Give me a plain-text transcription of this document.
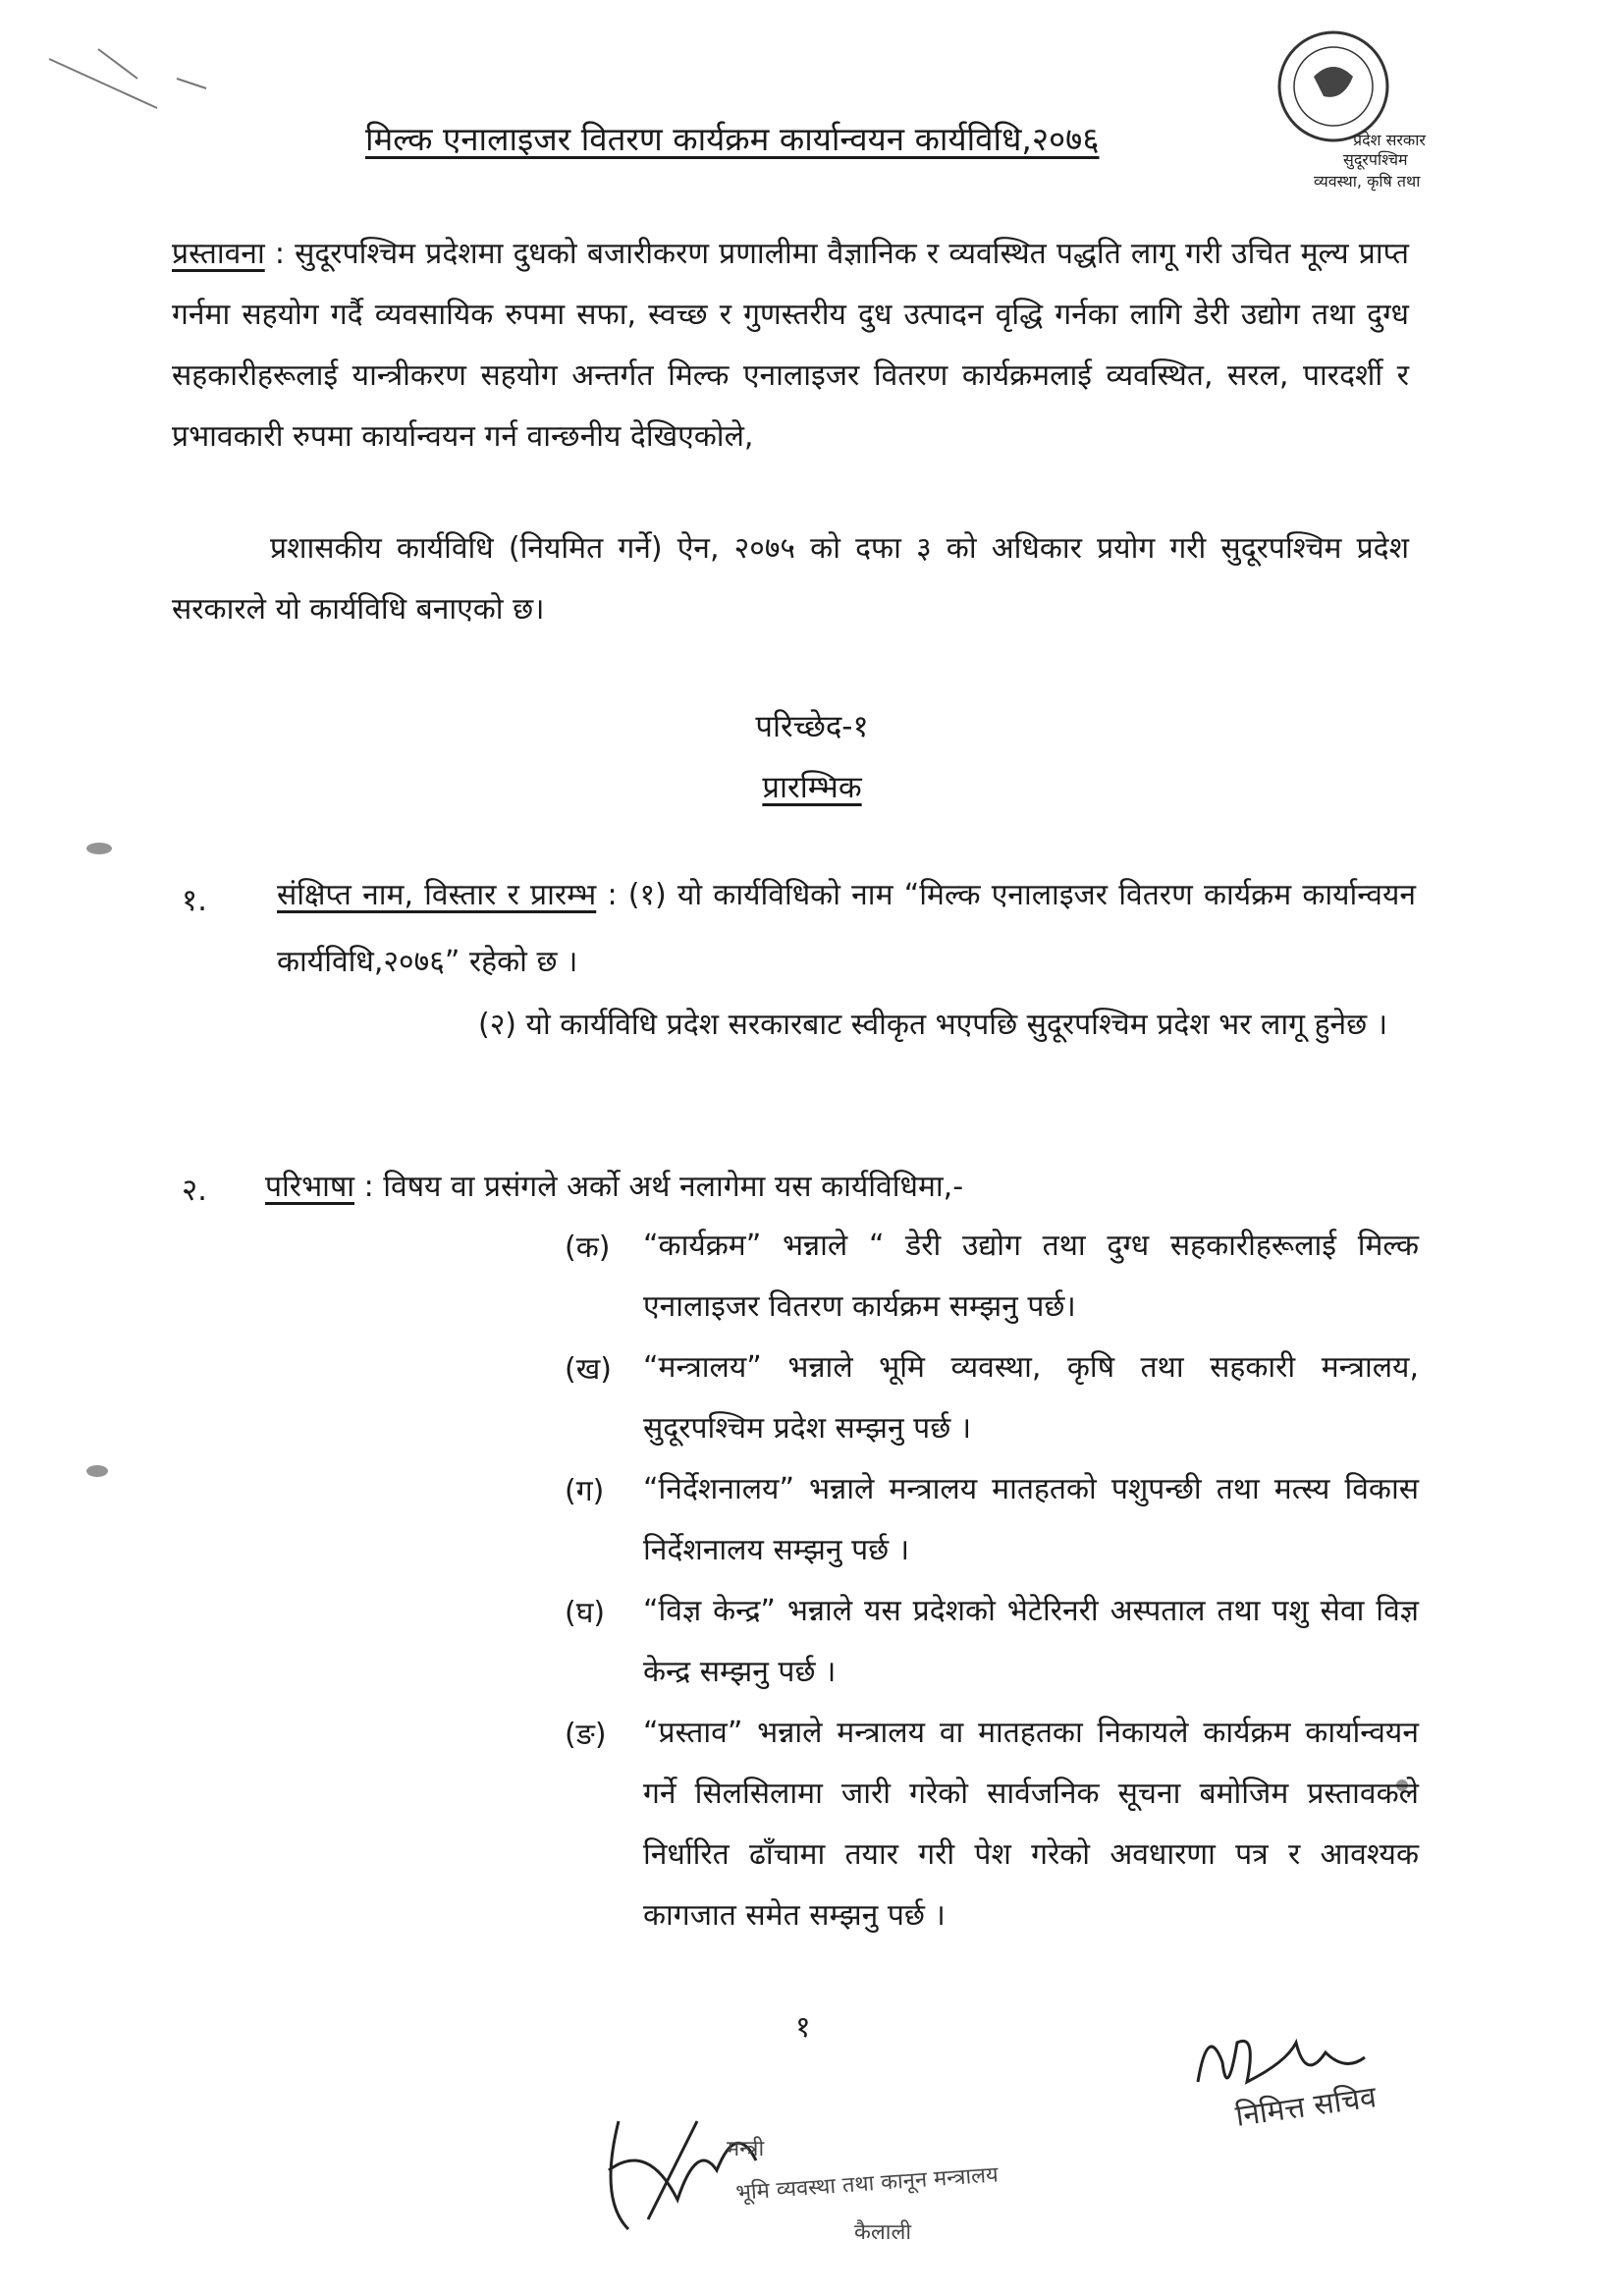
प्रदेश सरकार
सुदूरपश्चिम
व्यवस्था, कृषि तथा
मिल्क एनालाइजर वितरण कार्यक्रम कार्यान्वयन कार्यविधि,२०७६
प्रस्तावना : सुदूरपश्चिम प्रदेशमा दुधको बजारीकरण प्रणालीमा वैज्ञानिक र व्यवस्थित पद्धति लागू गरी उचित मूल्य प्राप्त गर्नमा सहयोग गर्दै व्यवसायिक रुपमा सफा, स्वच्छ र गुणस्तरीय दुध उत्पादन वृद्धि गर्नका लागि डेरी उद्योग तथा दुग्ध सहकारीहरूलाई यान्त्रीकरण सहयोग अन्तर्गत मिल्क एनालाइजर वितरण कार्यक्रमलाई व्यवस्थित, सरल, पारदर्शी र प्रभावकारी रुपमा कार्यान्वयन गर्न वान्छनीय देखिएकोले,
प्रशासकीय कार्यविधि (नियमित गर्ने) ऐन, २०७५ को दफा ३ को अधिकार प्रयोग गरी सुदूरपश्चिम प्रदेश सरकारले यो कार्यविधि बनाएको छ।
परिच्छेद-१
प्रारम्भिक
१. संक्षिप्त नाम, विस्तार र प्रारम्भ : (१) यो कार्यविधिको नाम “मिल्क एनालाइजर वितरण कार्यक्रम कार्यान्वयन कार्यविधि,२०७६” रहेको छ ।
(२) यो कार्यविधि प्रदेश सरकारबाट स्वीकृत भएपछि सुदूरपश्चिम प्रदेश भर लागू हुनेछ ।
२. परिभाषा : विषय वा प्रसंगले अर्को अर्थ नलागेमा यस कार्यविधिमा,-
(क) “कार्यक्रम” भन्नाले “ डेरी उद्योग तथा दुग्ध सहकारीहरूलाई मिल्क एनालाइजर वितरण कार्यक्रम सम्झनु पर्छ।
(ख) “मन्त्रालय” भन्नाले भूमि व्यवस्था, कृषि तथा सहकारी मन्त्रालय, सुदूरपश्चिम प्रदेश सम्झनु पर्छ ।
(ग) “निर्देशनालय” भन्नाले मन्त्रालय मातहतको पशुपन्छी तथा मत्स्य विकास निर्देशनालय सम्झनु पर्छ ।
(घ) “विज्ञ केन्द्र” भन्नाले यस प्रदेशको भेटेरिनरी अस्पताल तथा पशु सेवा विज्ञ केन्द्र सम्झनु पर्छ ।
(ङ) “प्रस्ताव” भन्नाले मन्त्रालय वा मातहतका निकायले कार्यक्रम कार्यान्वयन गर्ने सिलसिलामा जारी गरेको सार्वजनिक सूचना बमोजिम प्रस्तावकले निर्धारित ढाँचामा तयार गरी पेश गरेको अवधारणा पत्र र आवश्यक कागजात समेत सम्झनु पर्छ ।
१
निमित्त सचिव
मन्त्री
भूमि व्यवस्था तथा कानून मन्त्रालय
कैलाली
